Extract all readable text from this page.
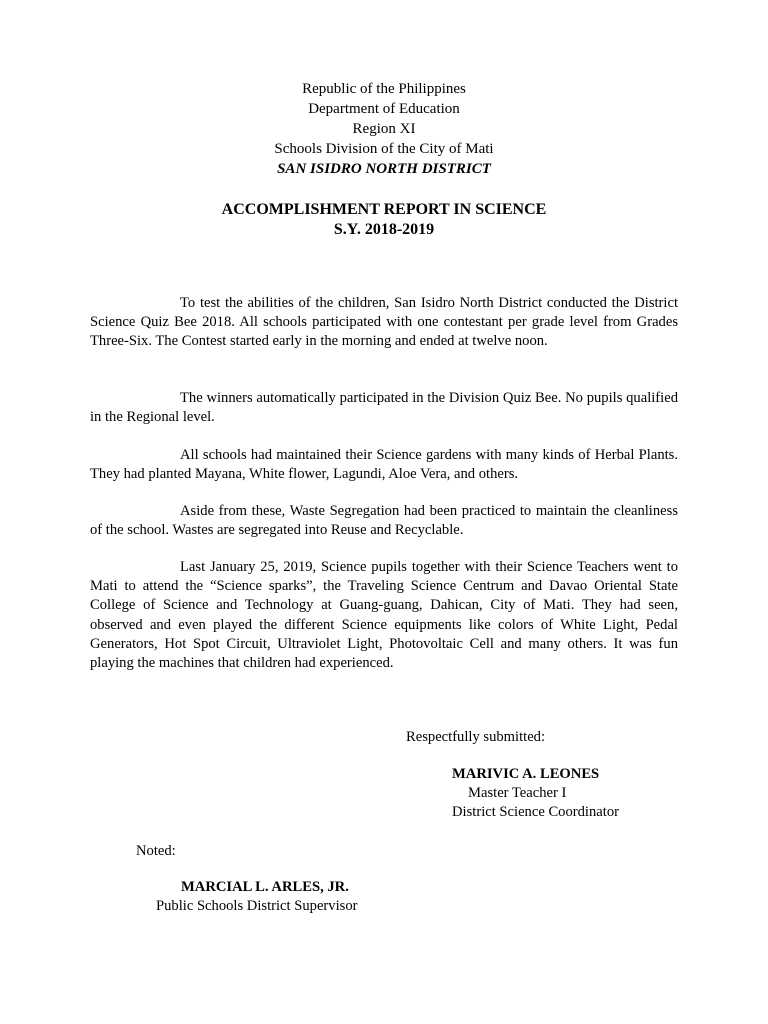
Republic of the Philippines
Department of Education
Region XI
Schools Division of the City of Mati
SAN ISIDRO NORTH DISTRICT
ACCOMPLISHMENT REPORT IN SCIENCE
S.Y. 2018-2019

To test the abilities of the children, San Isidro North District conducted the District Science Quiz Bee 2018. All schools participated with one contestant per grade level from Grades Three-Six. The Contest started early in the morning and ended at twelve noon.

The winners automatically participated in the Division Quiz Bee. No pupils qualified in the Regional level.

All schools had maintained their Science gardens with many kinds of Herbal Plants. They had planted Mayana, White flower, Lagundi, Aloe Vera, and others.

Aside from these, Waste Segregation had been practiced to maintain the cleanliness of the school. Wastes are segregated into Reuse and Recyclable.

Last January 25, 2019, Science pupils together with their Science Teachers went to Mati to attend the “Science sparks”, the Traveling Science Centrum and Davao Oriental State College of Science and Technology at Guang-guang, Dahican, City of Mati. They had seen, observed and even played the different Science equipments like colors of White Light, Pedal Generators, Hot Spot Circuit, Ultraviolet Light, Photovoltaic Cell and many others. It was fun playing the machines that children had experienced.

Respectfully submitted:
MARIVIC A. LEONES
Master Teacher I
District Science Coordinator
Noted:
MARCIAL L. ARLES, JR.
Public Schools District Supervisor
